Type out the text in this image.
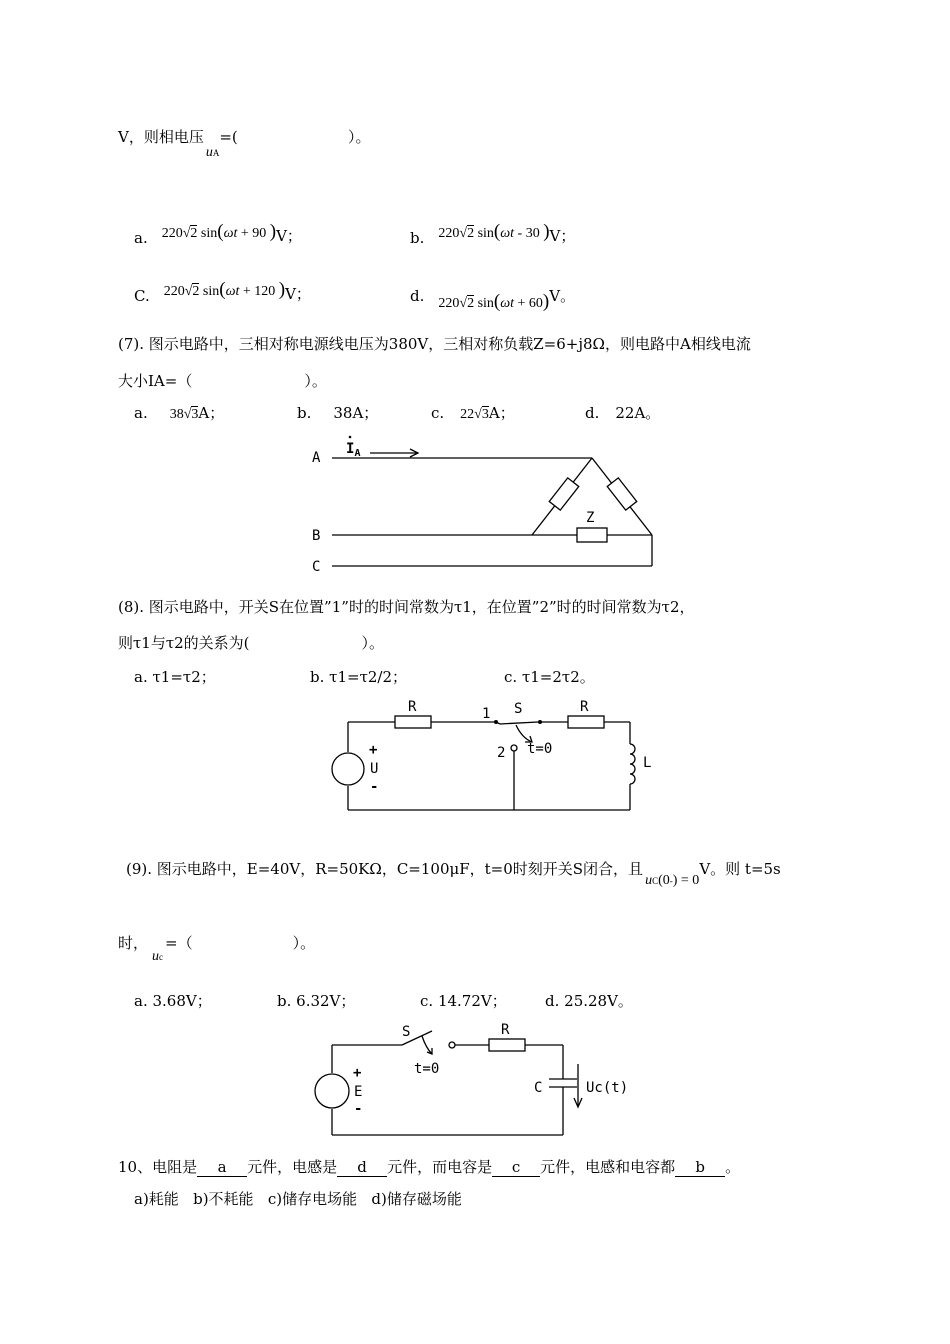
V，则相电压uA=(	）。
a. 220√2 sin(ωt + 90 )V；	b. 220√2 sin(ωt - 30 )V；
C. 220√2 sin(ωt + 120 )V；	d. 220√2 sin(ωt + 60)V。
(7). 图示电路中，三相对称电源线电压为380V，三相对称负载Z=6+j8Ω，则电路中A相线电流
大小IA=（	）。
a. 38√3A；	b. 38A；	c. 22√3A；	d. 22A。
A
B
C
$I_A$
Z
(8). 图示电路中，开关S在位置”1”时的时间常数为τ1，在位置”2”时的时间常数为τ2，
则τ1与τ2的关系为(	）。
a. τ1=τ2；	b. τ1=τ2/2；	c. τ1=2τ2。
R	R
1 S
2 t=0
+
U
-
L
(9). 图示电路中，E=40V，R=50KΩ，C=100μF，t=0时刻开关S闭合，且uC(0-) = 0V。则 t=5s
时，uc=（	）。
a. 3.68V；	b. 6.32V；	c. 14.72V；	d. 25.28V。
S
t=0
R
+
E
-
C	Uc(t)
10、电阻是 a 元件，电感是 d 元件，而电容是 c 元件，电感和电容都 b 。
a)耗能   b)不耗能   c)储存电场能   d)储存磁场能
